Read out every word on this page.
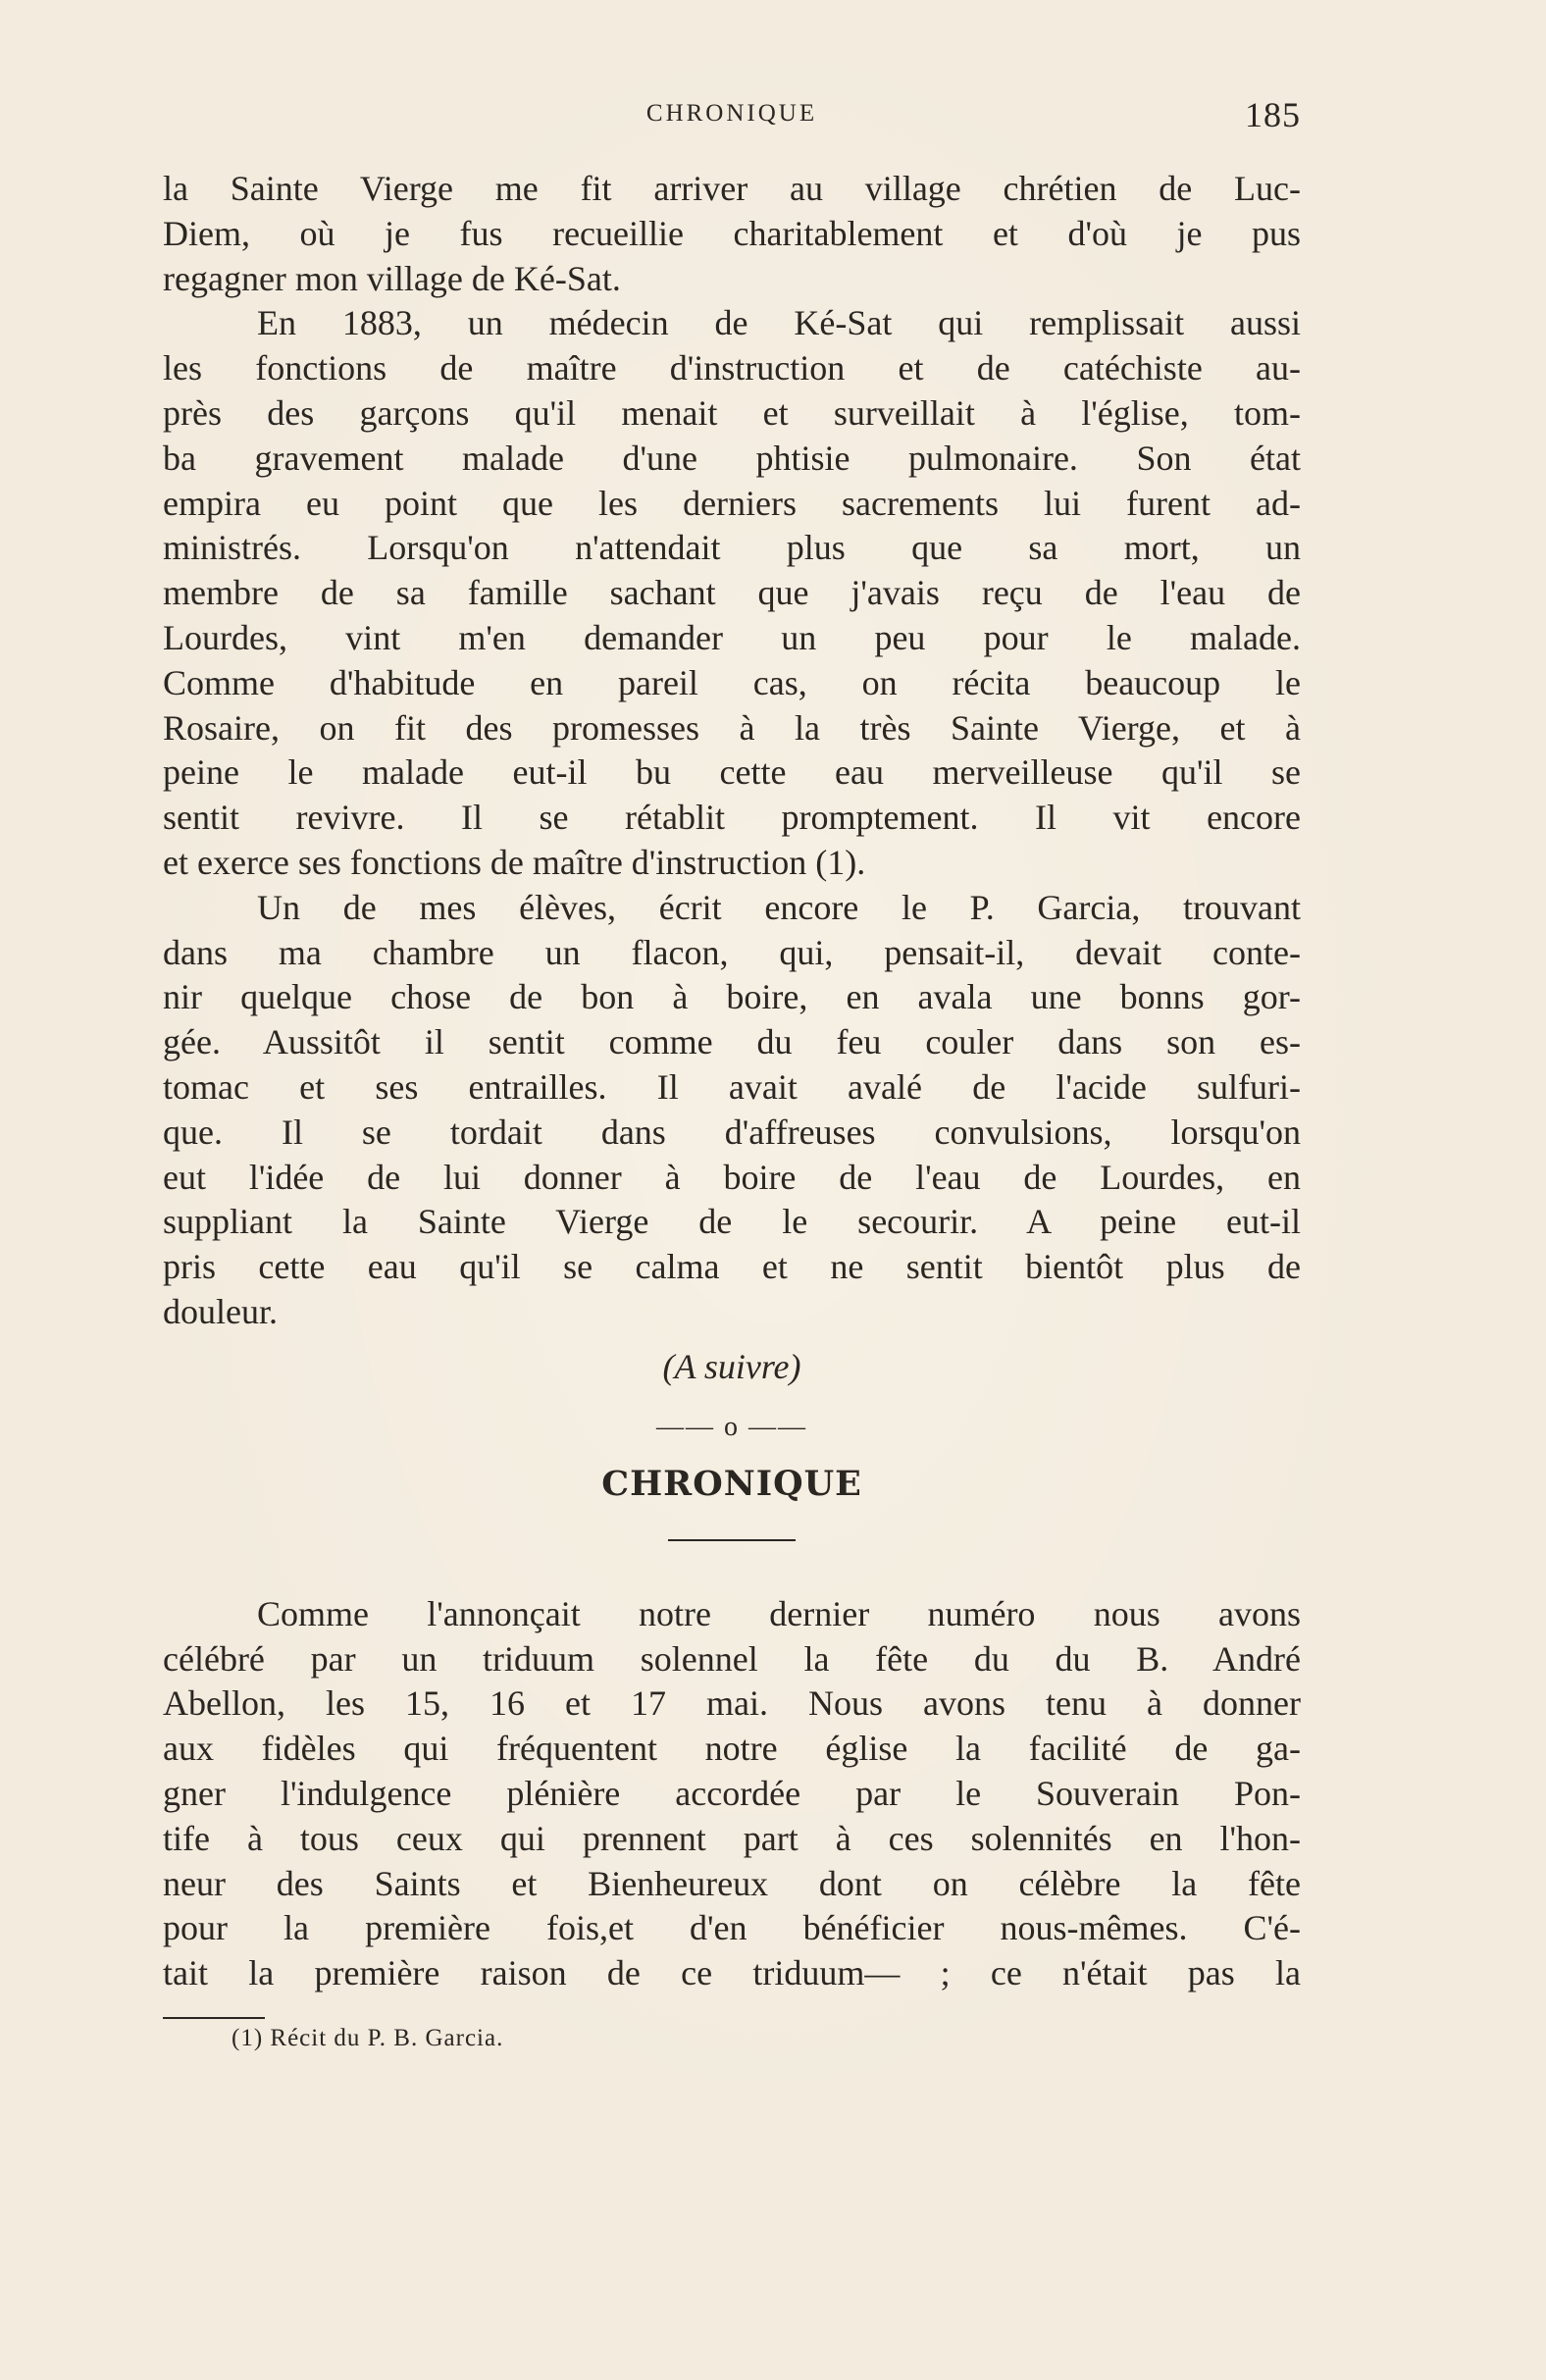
CHRONIQUE	185
la Sainte Vierge me fit arriver au village chrétien de Luc-
Diem, où je fus recueillie charitablement et d'où je pus
regagner mon village de Ké-Sat.
En 1883, un médecin de Ké-Sat qui remplissait aussi
les fonctions de maître d'instruction et de catéchiste au-
près des garçons qu'il menait et surveillait à l'église, tom-
ba gravement malade d'une phtisie pulmonaire. Son état
empira eu point que les derniers sacrements lui furent ad-
ministrés. Lorsqu'on n'attendait plus que sa mort, un
membre de sa famille sachant que j'avais reçu de l'eau de
Lourdes, vint m'en demander un peu pour le malade.
Comme d'habitude en pareil cas, on récita beaucoup le
Rosaire, on fit des promesses à la très Sainte Vierge, et à
peine le malade eut-il bu cette eau merveilleuse qu'il se
sentit revivre. Il se rétablit promptement. Il vit encore
et exerce ses fonctions de maître d'instruction (1).
Un de mes élèves, écrit encore le P. Garcia, trouvant
dans ma chambre un flacon, qui, pensait-il, devait conte-
nir quelque chose de bon à boire, en avala une bonns gor-
gée. Aussitôt il sentit comme du feu couler dans son es-
tomac et ses entrailles. Il avait avalé de l'acide sulfuri-
que. Il se tordait dans d'affreuses convulsions, lorsqu'on
eut l'idée de lui donner à boire de l'eau de Lourdes, en
suppliant la Sainte Vierge de le secourir. A peine eut-il
pris cette eau qu'il se calma et ne sentit bientôt plus de
douleur.
(A suivre)
—— o ——
CHRONIQUE
Comme l'annonçait notre dernier numéro nous avons
célébré par un triduum solennel la fête du du B. André
Abellon, les 15, 16 et 17 mai. Nous avons tenu à donner
aux fidèles qui fréquentent notre église la facilité de ga-
gner l'indulgence plénière accordée par le Souverain Pon-
tife à tous ceux qui prennent part à ces solennités en l'hon-
neur des Saints et Bienheureux dont on célèbre la fête
pour la première fois,et d'en bénéficier nous-mêmes. C'é-
tait la première raison de ce triduum— ; ce n'était pas la
(1) Récit du P. B. Garcia.
